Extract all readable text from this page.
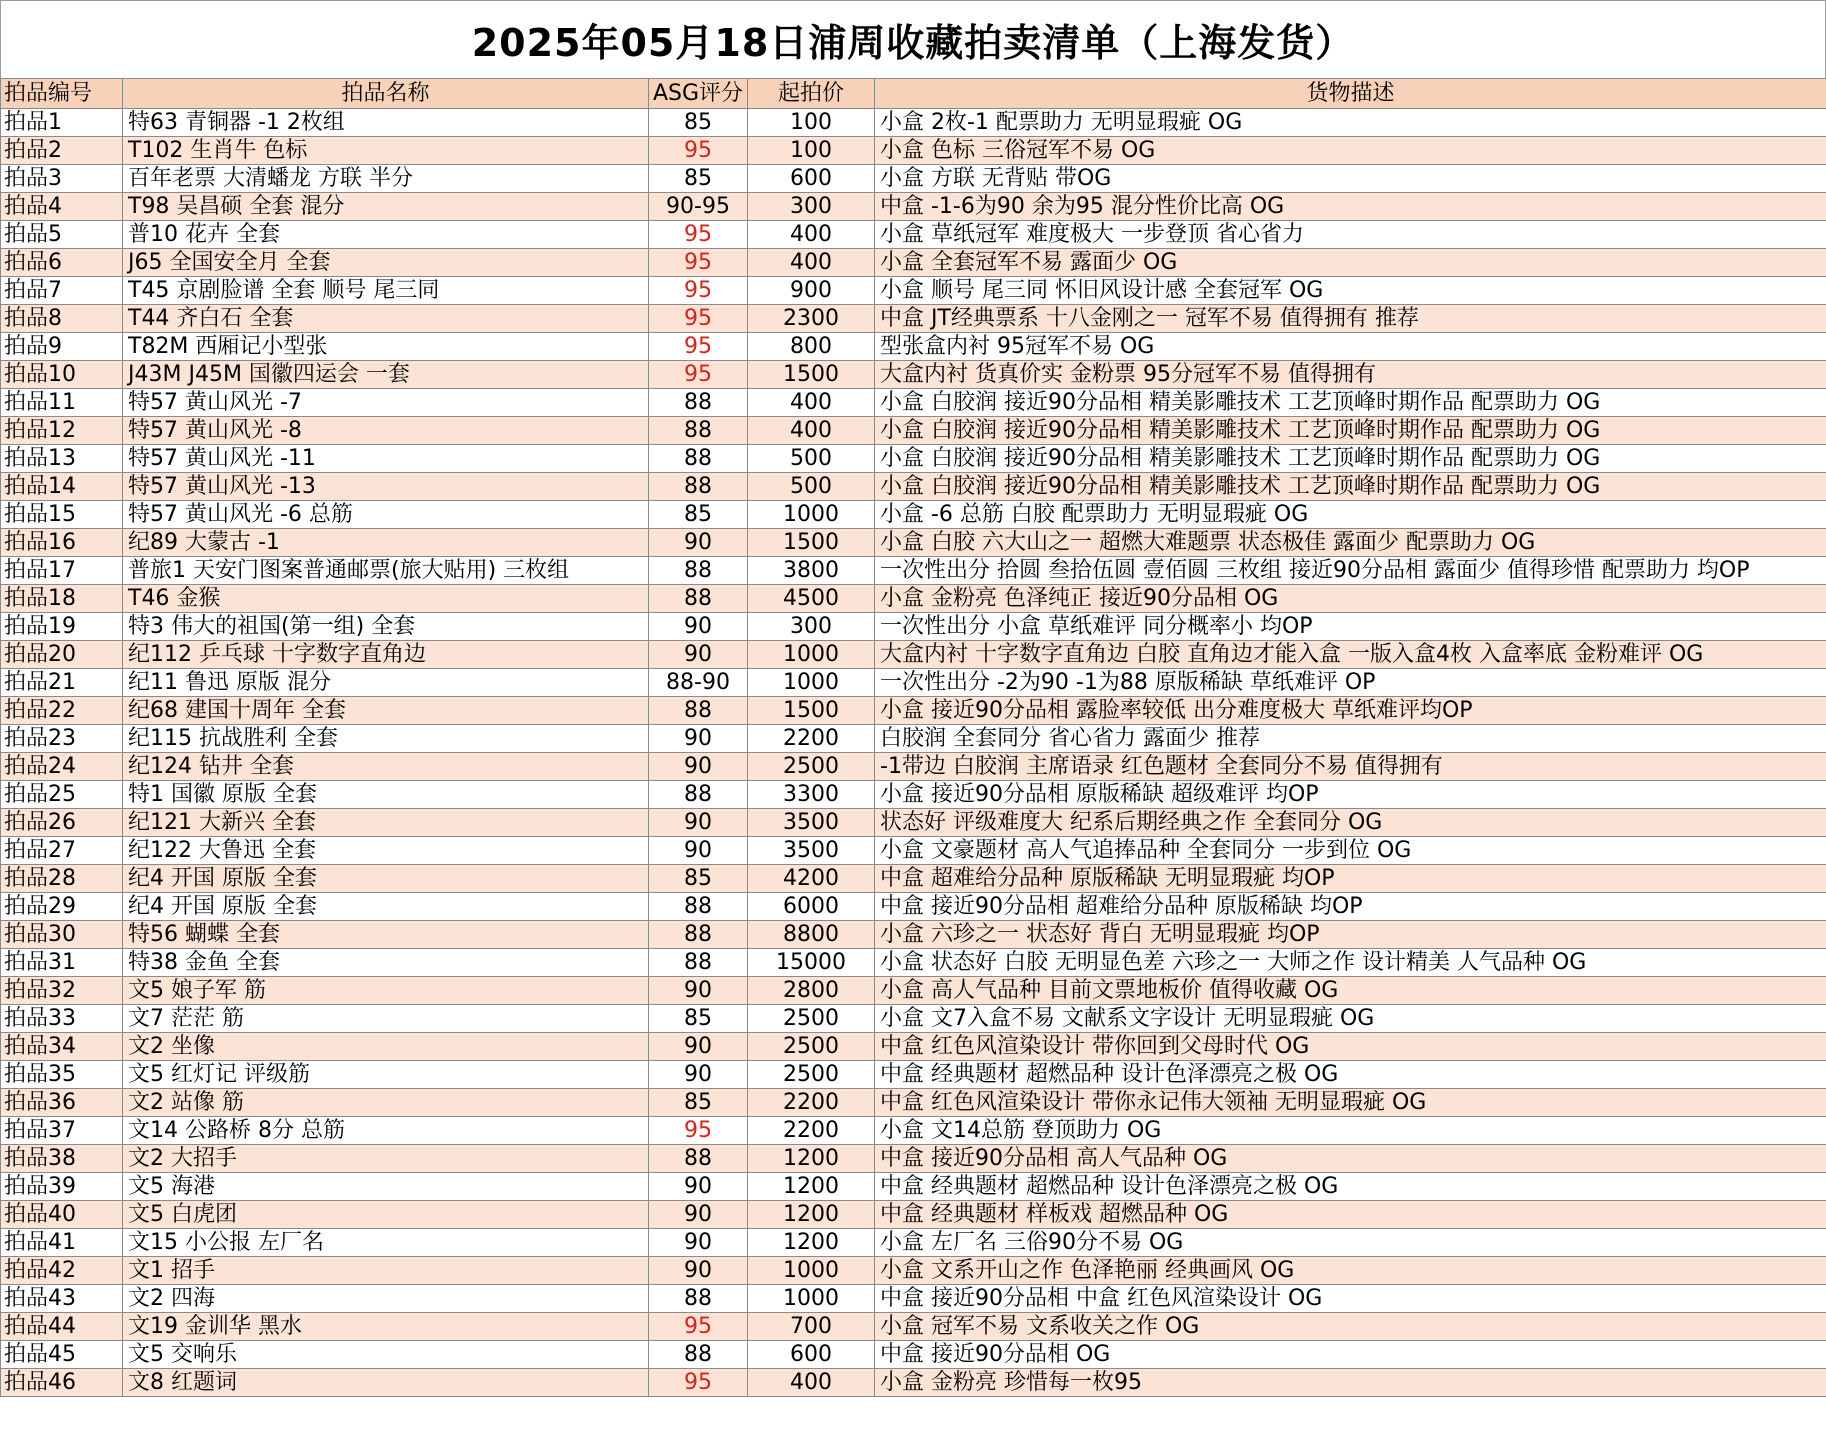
2025年05月18日浦周收藏拍卖清单（上海发货）
拍品编号	拍品名称	ASG评分	起拍价	货物描述
拍品1	特63 青铜器 -1 2枚组	85	100	小盒 2枚-1 配票助力 无明显瑕疵 OG
拍品2	T102 生肖牛 色标	95	100	小盒 色标 三俗冠军不易 OG
拍品3	百年老票 大清蟠龙 方联 半分	85	600	小盒 方联 无背贴 带OG
拍品4	T98 吴昌硕 全套 混分	90-95	300	中盒 -1-6为90 余为95 混分性价比高 OG
拍品5	普10 花卉 全套	95	400	小盒 草纸冠军 难度极大 一步登顶 省心省力
拍品6	J65 全国安全月 全套	95	400	小盒 全套冠军不易 露面少 OG
拍品7	T45 京剧脸谱 全套 顺号 尾三同	95	900	小盒 顺号 尾三同 怀旧风设计感 全套冠军 OG
拍品8	T44 齐白石 全套	95	2300	中盒 JT经典票系 十八金刚之一 冠军不易 值得拥有 推荐
拍品9	T82M 西厢记小型张	95	800	型张盒内衬 95冠军不易 OG
拍品10	J43M J45M 国徽四运会 一套	95	1500	大盒内衬 货真价实 金粉票 95分冠军不易 值得拥有
拍品11	特57 黄山风光 -7	88	400	小盒 白胶润 接近90分品相 精美影雕技术 工艺顶峰时期作品 配票助力 OG
拍品12	特57 黄山风光 -8	88	400	小盒 白胶润 接近90分品相 精美影雕技术 工艺顶峰时期作品 配票助力 OG
拍品13	特57 黄山风光 -11	88	500	小盒 白胶润 接近90分品相 精美影雕技术 工艺顶峰时期作品 配票助力 OG
拍品14	特57 黄山风光 -13	88	500	小盒 白胶润 接近90分品相 精美影雕技术 工艺顶峰时期作品 配票助力 OG
拍品15	特57 黄山风光 -6 总筋	85	1000	小盒 -6 总筋 白胶 配票助力 无明显瑕疵 OG
拍品16	纪89 大蒙古 -1	90	1500	小盒 白胶 六大山之一 超燃大难题票 状态极佳 露面少 配票助力 OG
拍品17	普旅1 天安门图案普通邮票(旅大贴用) 三枚组	88	3800	一次性出分 拾圆 叁拾伍圆 壹佰圆 三枚组 接近90分品相 露面少 值得珍惜 配票助力 均OP
拍品18	T46 金猴	88	4500	小盒 金粉亮 色泽纯正 接近90分品相 OG
拍品19	特3 伟大的祖国(第一组) 全套	90	300	一次性出分 小盒 草纸难评 同分概率小 均OP
拍品20	纪112 乒乓球 十字数字直角边	90	1000	大盒内衬 十字数字直角边 白胶 直角边才能入盒 一版入盒4枚 入盒率底 金粉难评 OG
拍品21	纪11 鲁迅 原版 混分	88-90	1000	一次性出分 -2为90 -1为88 原版稀缺 草纸难评 OP
拍品22	纪68 建国十周年 全套	88	1500	小盒 接近90分品相 露脸率较低 出分难度极大 草纸难评均OP
拍品23	纪115 抗战胜利 全套	90	2200	白胶润 全套同分 省心省力 露面少 推荐
拍品24	纪124 钻井 全套	90	2500	-1带边 白胶润 主席语录 红色题材 全套同分不易 值得拥有
拍品25	特1 国徽 原版 全套	88	3300	小盒 接近90分品相 原版稀缺 超级难评 均OP
拍品26	纪121 大新兴 全套	90	3500	状态好 评级难度大 纪系后期经典之作 全套同分 OG
拍品27	纪122 大鲁迅 全套	90	3500	小盒 文豪题材 高人气追捧品种 全套同分 一步到位 OG
拍品28	纪4 开国 原版 全套	85	4200	中盒 超难给分品种 原版稀缺 无明显瑕疵 均OP
拍品29	纪4 开国 原版 全套	88	6000	中盒 接近90分品相 超难给分品种 原版稀缺 均OP
拍品30	特56 蝴蝶 全套	88	8800	小盒 六珍之一 状态好 背白 无明显瑕疵 均OP
拍品31	特38 金鱼 全套	88	15000	小盒 状态好 白胶 无明显色差 六珍之一 大师之作 设计精美 人气品种 OG
拍品32	文5 娘子军 筋	90	2800	小盒 高人气品种 目前文票地板价 值得收藏 OG
拍品33	文7 茫茫 筋	85	2500	小盒 文7入盒不易 文献系文字设计 无明显瑕疵 OG
拍品34	文2 坐像	90	2500	中盒 红色风渲染设计 带你回到父母时代 OG
拍品35	文5 红灯记 评级筋	90	2500	中盒 经典题材 超燃品种 设计色泽漂亮之极 OG
拍品36	文2 站像 筋	85	2200	中盒 红色风渲染设计 带你永记伟大领袖 无明显瑕疵 OG
拍品37	文14 公路桥 8分 总筋	95	2200	小盒 文14总筋 登顶助力 OG
拍品38	文2 大招手	88	1200	中盒 接近90分品相 高人气品种 OG
拍品39	文5 海港	90	1200	中盒 经典题材 超燃品种 设计色泽漂亮之极 OG
拍品40	文5 白虎团	90	1200	中盒 经典题材 样板戏 超燃品种 OG
拍品41	文15 小公报 左厂名	90	1200	小盒 左厂名 三俗90分不易 OG
拍品42	文1 招手	90	1000	小盒 文系开山之作 色泽艳丽 经典画风 OG
拍品43	文2 四海	88	1000	中盒 接近90分品相 中盒 红色风渲染设计 OG
拍品44	文19 金训华 黑水	95	700	小盒 冠军不易 文系收关之作 OG
拍品45	文5 交响乐	88	600	中盒 接近90分品相 OG
拍品46	文8 红题词	95	400	小盒 金粉亮 珍惜每一枚95
